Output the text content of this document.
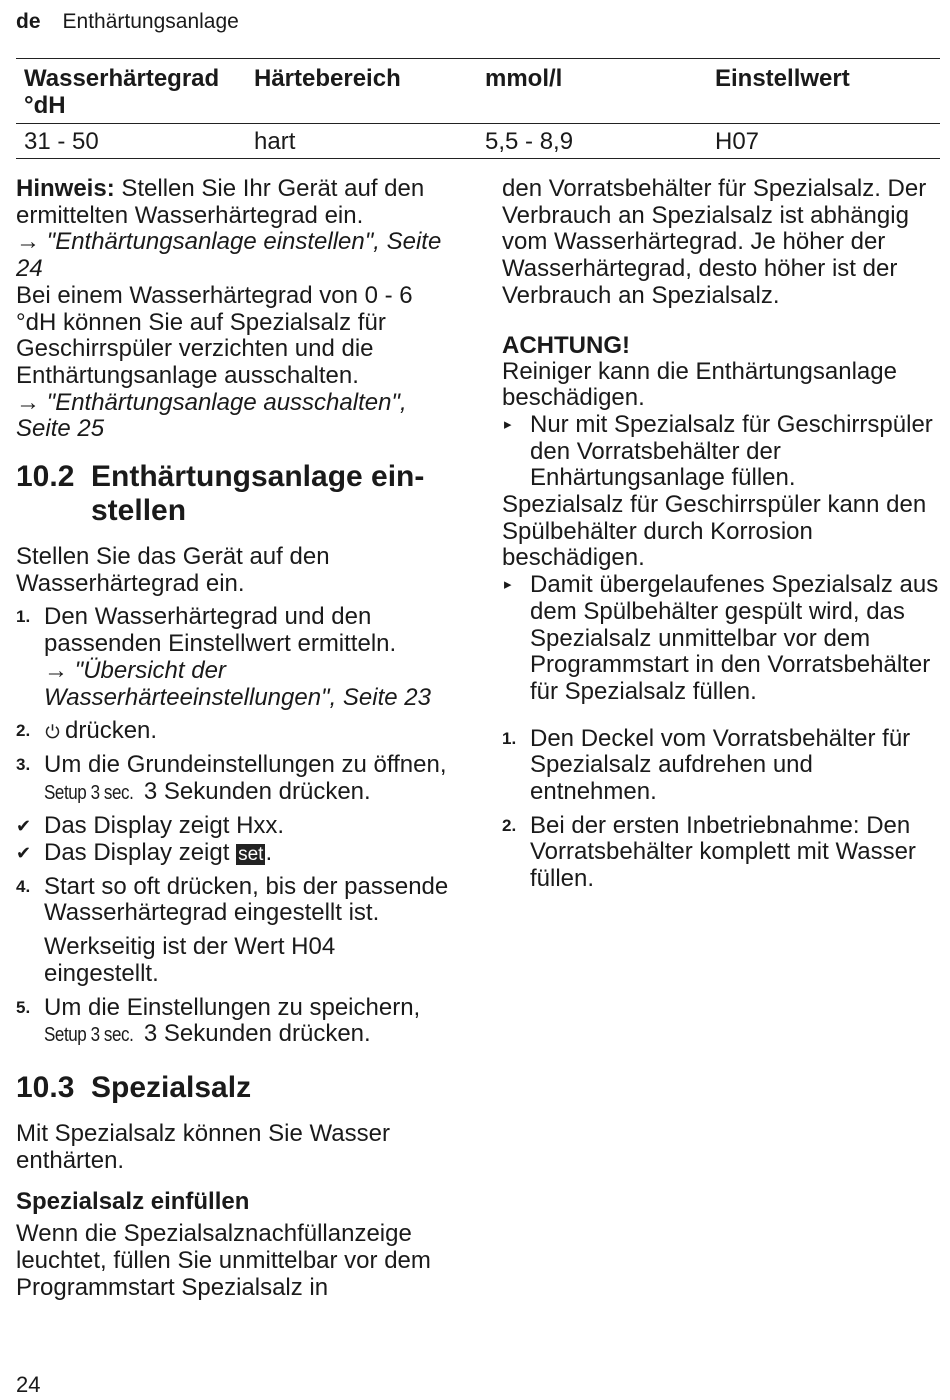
de Enthärtungsanlage
Wasserhärtegrad °dH	Härtebereich	mmol/l	Einstellwert
31 - 50	hart	5,5 - 8,9	H07

Hinweis: Stellen Sie Ihr Gerät auf den ermittelten Wasserhärtegrad ein.

→ "Enthärtungsanlage einstellen", Seite 24

Bei einem Wasserhärtegrad von 0 - 6 °dH können Sie auf Spezialsalz für Geschirrspüler verzichten und die Enthärtungsanlage ausschalten.

→ "Enthärtungsanlage ausschalten", Seite 25

10.2 Enthärtungsanlage ein-
stellen

Stellen Sie das Gerät auf den Wasserhärtegrad ein.

1. Den Wasserhärtegrad und den passenden Einstellwert ermitteln.
→ "Übersicht der Wasserhärteeinstellungen", Seite 23
2. drücken.
3. Um die Grundeinstellungen zu öffnen, Setup 3 sec. 3 Sekunden drücken.
✔ Das Display zeigt Hxx.
✔ Das Display zeigt set.
4. Start so oft drücken, bis der passende Wasserhärtegrad eingestellt ist.
Werkseitig ist der Wert H04 eingestellt.
5. Um die Einstellungen zu speichern, Setup 3 sec. 3 Sekunden drücken.
10.3 Spezialsalz

Mit Spezialsalz können Sie Wasser enthärten.

Spezialsalz einfüllen

Wenn die Spezialsalznachfüllanzeige leuchtet, füllen Sie unmittelbar vor dem Programmstart Spezialsalz in

den Vorratsbehälter für Spezialsalz. Der Verbrauch an Spezialsalz ist abhängig vom Wasserhärtegrad. Je höher der Wasserhärtegrad, desto höher ist der Verbrauch an Spezialsalz.

ACHTUNG!

Reiniger kann die Enthärtungsanlage beschädigen.

▸ Nur mit Spezialsalz für Geschirrspüler den Vorratsbehälter der Enhärtungsanlage füllen.

Spezialsalz für Geschirrspüler kann den Spülbehälter durch Korrosion beschädigen.

▸ Damit übergelaufenes Spezialsalz aus dem Spülbehälter gespült wird, das Spezialsalz unmittelbar vor dem Programmstart in den Vorratsbehälter für Spezialsalz füllen.
1. Den Deckel vom Vorratsbehälter für Spezialsalz aufdrehen und entnehmen.
2. Bei der ersten Inbetriebnahme: Den Vorratsbehälter komplett mit Wasser füllen.
24
